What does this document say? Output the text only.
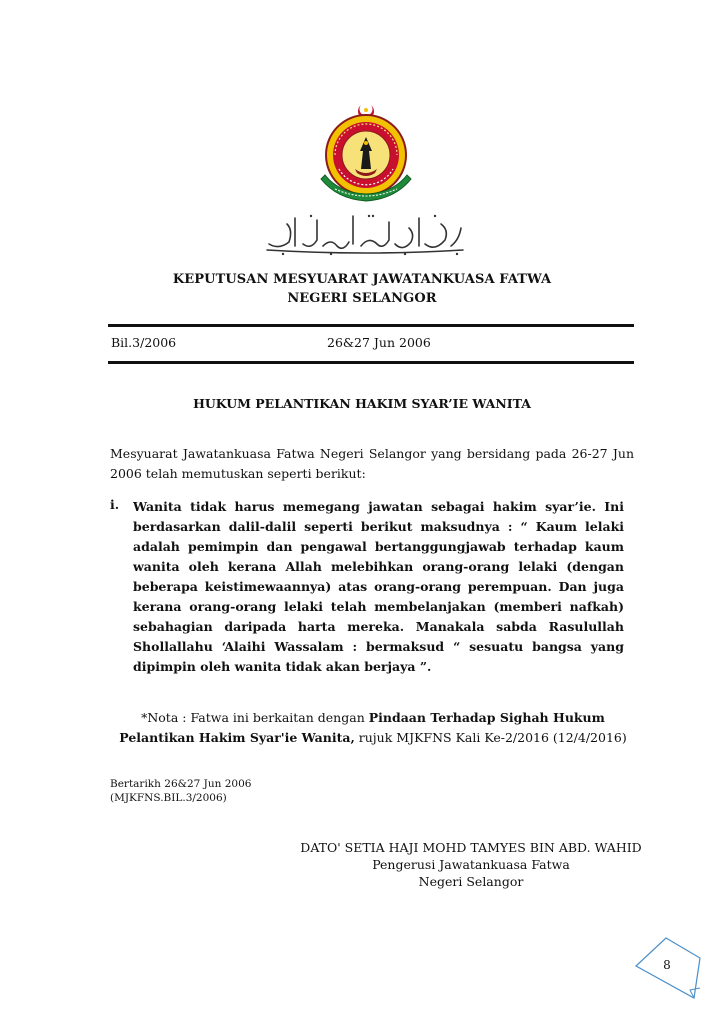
KEPUTUSAN MESYUARAT JAWATANKUASA FATWA
NEGERI SELANGOR
Bil.3/2006	26&27 Jun 2006
HUKUM PELANTIKAN HAKIM SYAR’IE WANITA
Mesyuarat Jawatankuasa Fatwa Negeri Selangor yang bersidang pada 26-27 Jun 2006 telah memutuskan seperti berikut:
i. Wanita tidak harus memegang jawatan sebagai hakim syar’ie. Ini berdasarkan dalil-dalil seperti berikut maksudnya : “ Kaum lelaki adalah pemimpin dan pengawal bertanggungjawab terhadap kaum wanita oleh kerana Allah melebihkan orang-orang lelaki (dengan beberapa keistimewaannya) atas orang-orang perempuan. Dan juga kerana orang-orang lelaki telah membelanjakan (memberi nafkah) sebahagian daripada harta mereka. Manakala sabda Rasulullah Shollallahu ‘Alaihi Wassalam : bermaksud “ sesuatu bangsa yang dipimpin oleh wanita tidak akan berjaya ”.
*Nota : Fatwa ini berkaitan dengan Pindaan Terhadap Sighah Hukum Pelantikan Hakim Syar'ie Wanita, rujuk MJKFNS Kali Ke-2/2016 (12/4/2016)
Bertarikh 26&27 Jun 2006
(MJKFNS.BIL.3/2006)
DATO' SETIA HAJI MOHD TAMYES BIN ABD. WAHID
Pengerusi Jawatankuasa Fatwa
Negeri Selangor
8
